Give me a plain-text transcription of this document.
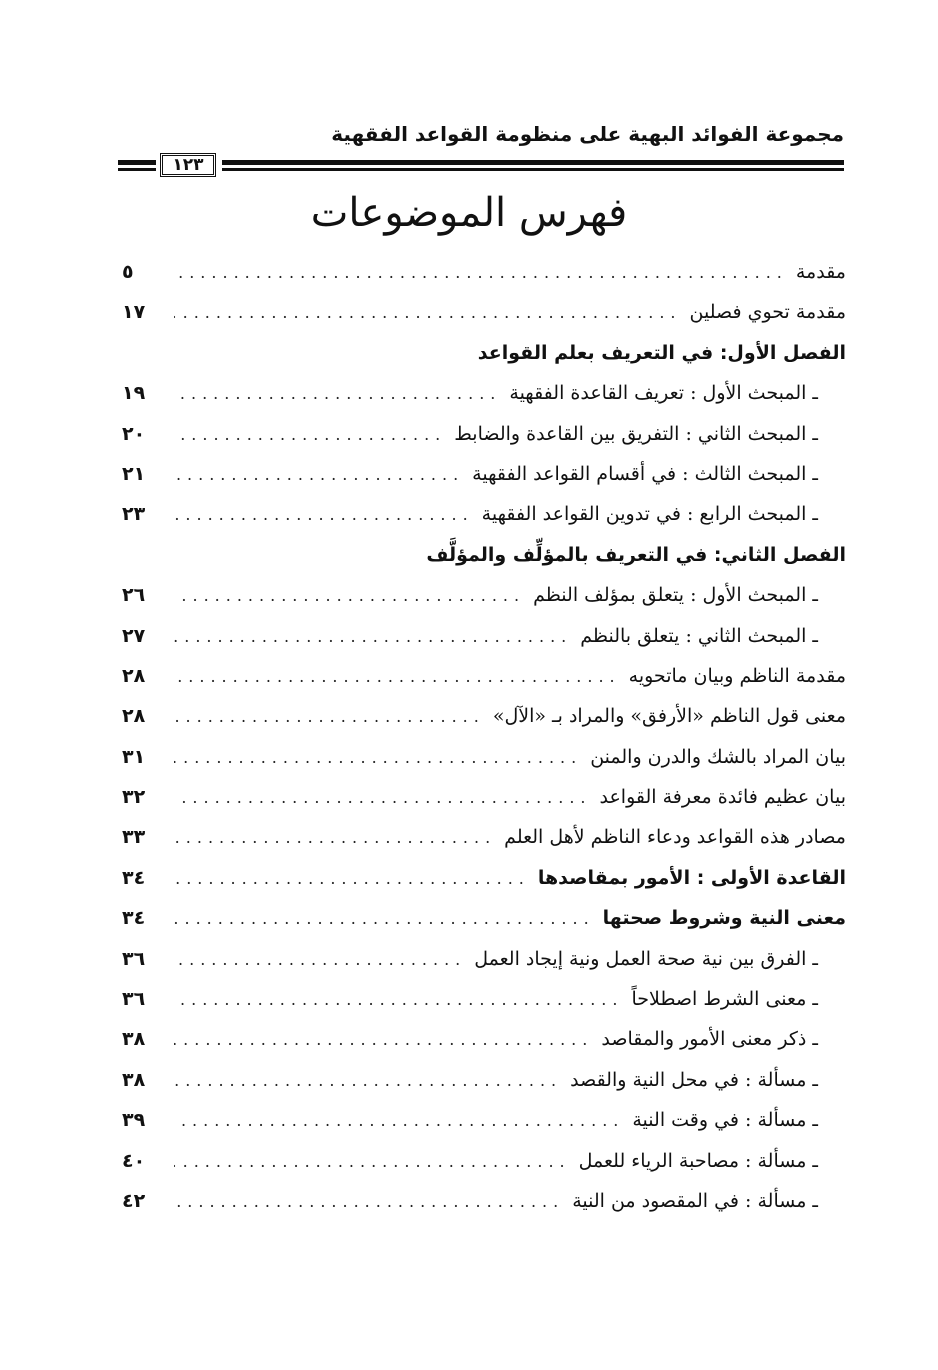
مجموعة الفوائد البهية على منظومة القواعد الفقهية
١٢٣
فهرس الموضوعات
مقدمة
.....
٥
مقدمة تحوي فصلين
.....
١٧
الفصل الأول: في التعريف بعلم القواعد
ـ المبحث الأول : تعريف القاعدة الفقهية
.....
١٩
ـ المبحث الثاني : التفريق بين القاعدة والضابط
.....
٢٠
ـ المبحث الثالث : في أقسام القواعد الفقهية
.....
٢١
ـ المبحث الرابع : في تدوين القواعد الفقهية
.....
٢٣
الفصل الثاني: في التعريف بالمؤلِّف والمؤلَّف
ـ المبحث الأول : يتعلق بمؤلف النظم
.....
٢٦
ـ المبحث الثاني : يتعلق بالنظم
.....
٢٧
مقدمة الناظم وبيان ماتحويه
.....
٢٨
معنى قول الناظم «الأرفق» والمراد بـ «الآل»
.....
٢٨
بيان المراد بالشك والدرن والمنن
.....
٣١
بيان عظيم فائدة معرفة القواعد
.....
٣٢
مصادر هذه القواعد ودعاء الناظم لأهل العلم
.....
٣٣
القاعدة الأولى : الأمور بمقاصدها
.....
٣٤
معنى النية وشروط صحتها
.....
٣٤
ـ الفرق بين نية صحة العمل ونية إيجاد العمل
.....
٣٦
ـ معنى الشرط اصطلاحاً
.....
٣٦
ـ ذكر معنى الأمور والمقاصد
.....
٣٨
ـ مسألة : في محل النية والقصد
.....
٣٨
ـ مسألة : في وقت النية
.....
٣٩
ـ مسألة : مصاحبة الرياء للعمل
.....
٤٠
ـ مسألة : في المقصود من النية
.....
٤٢
